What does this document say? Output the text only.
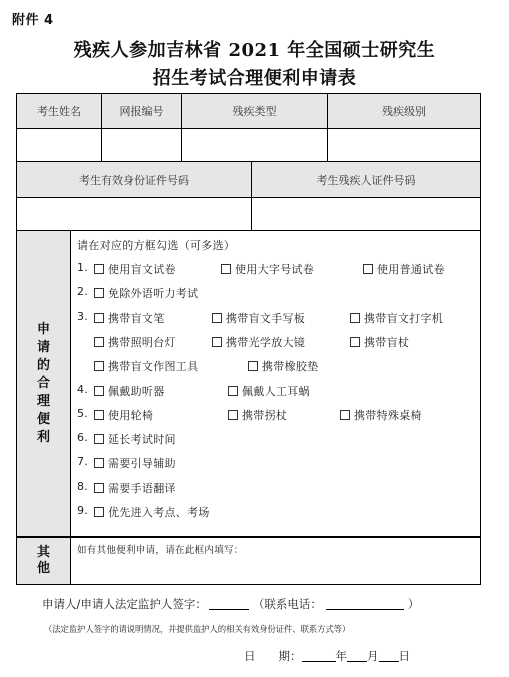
附件 4
残疾人参加吉林省 2021 年全国硕士研究生
招生考试合理便利申请表
考生姓名	网报编号	残疾类型	残疾级别
考生有效身份证件号码	考生残疾人证件号码
申
请
的
合
理
便
利
请在对应的方框勾选（可多选）
1.	使用盲文试卷	使用大字号试卷	使用普通试卷
2.	免除外语听力考试
3.	携带盲文笔	携带盲文手写板	携带盲文打字机
携带照明台灯	携带光学放大镜	携带盲杖
携带盲文作图工具	携带橡胶垫
4.	佩戴助听器	佩戴人工耳蜗
5.	使用轮椅	携带拐杖	携带特殊桌椅
6.	延长考试时间
7.	需要引导辅助
8.	需要手语翻译
9.	优先进入考点、考场
其
他
如有其他便利申请，请在此框内填写：
申请人/申请人法定监护人签字：	（联系电话：	）
（法定监护人签字的请说明情况，并提供监护人的相关有效身份证件、联系方式等）
日　　期：	年 月 日
